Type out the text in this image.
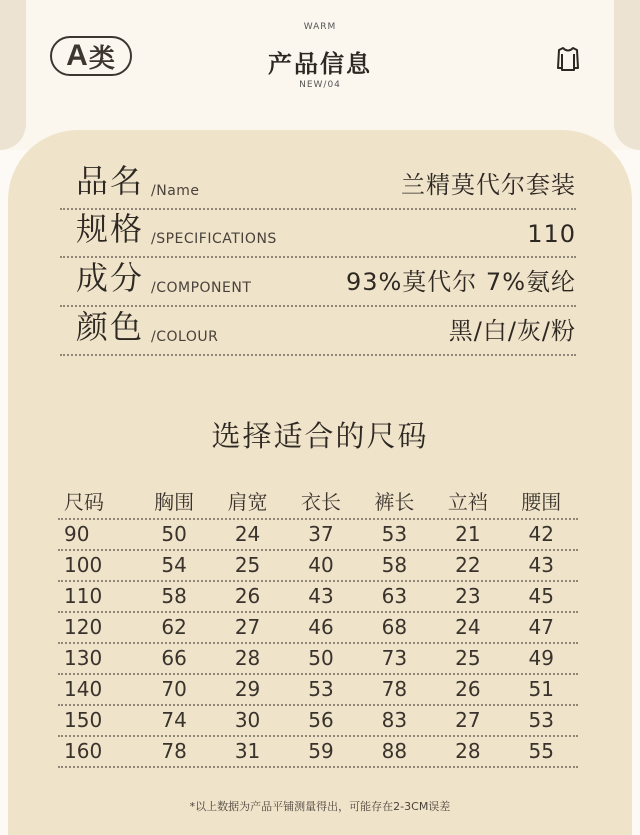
A 类
WARM
产品信息
NEW/04
品名 /Name	兰精莫代尔套装
规格 /SPECIFICATIONS	110
成分 /COMPONENT	93%莫代尔 7%氨纶
颜色 /COLOUR	黑/白/灰/粉
选择适合的尺码
尺码	胸围	肩宽	衣长	裤长	立裆	腰围
90	50	24	37	53	21	42
100	54	25	40	58	22	43
110	58	26	43	63	23	45
120	62	27	46	68	24	47
130	66	28	50	73	25	49
140	70	29	53	78	26	51
150	74	30	56	83	27	53
160	78	31	59	88	28	55
*以上数据为产品平铺测量得出，可能存在2-3CM误差
